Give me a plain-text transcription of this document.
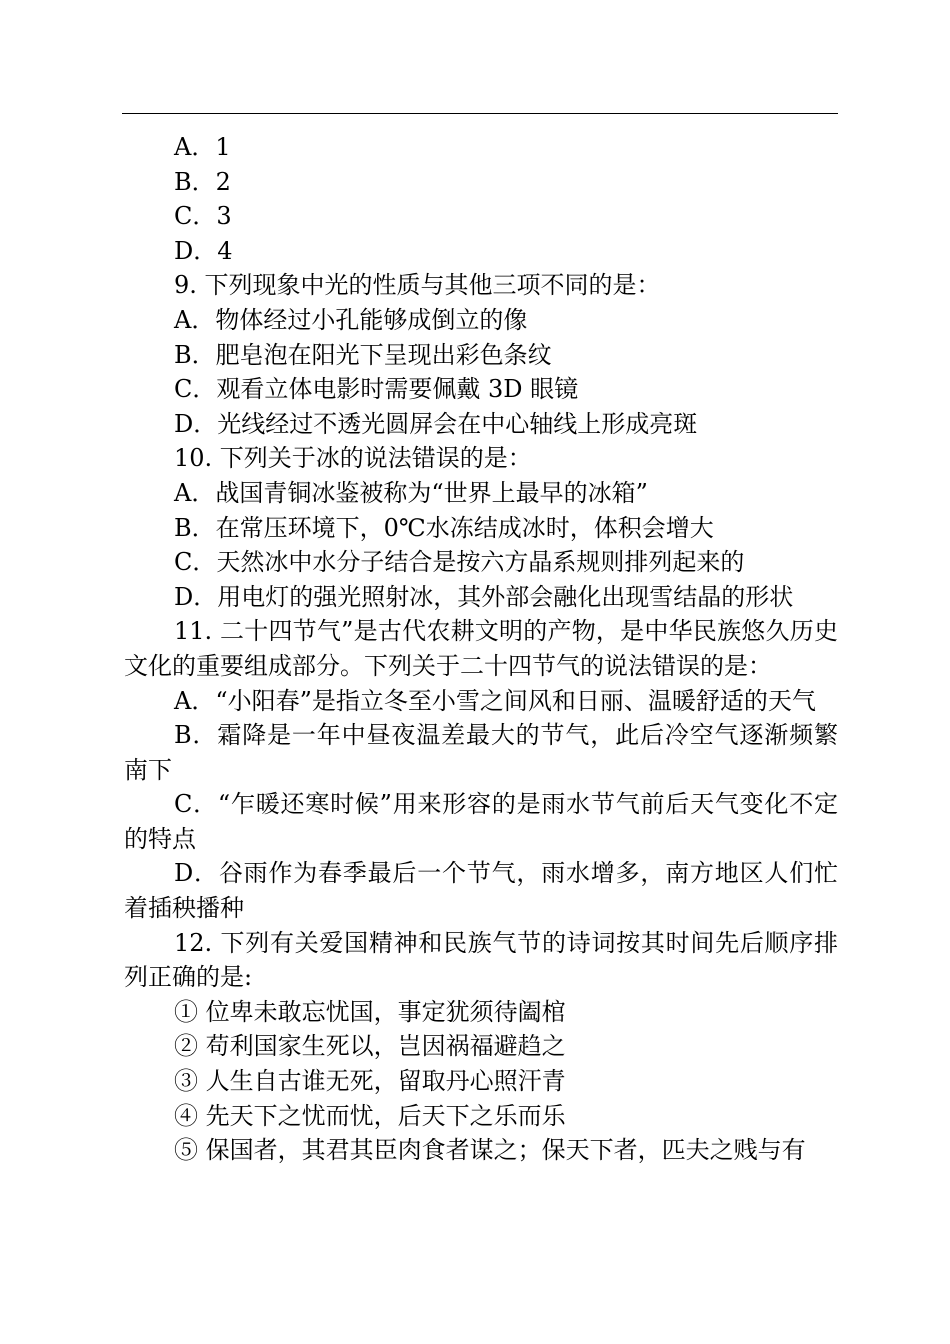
A．1

B．2

C．3

D．4

9. 下列现象中光的性质与其他三项不同的是：

A．物体经过小孔能够成倒立的像

B．肥皂泡在阳光下呈现出彩色条纹

C．观看立体电影时需要佩戴 3D 眼镜

D．光线经过不透光圆屏会在中心轴线上形成亮斑

10. 下列关于冰的说法错误的是：

A．战国青铜冰鉴被称为“世界上最早的冰箱”

B．在常压环境下，0℃水冻结成冰时，体积会增大

C．天然冰中水分子结合是按六方晶系规则排列起来的

D．用电灯的强光照射冰，其外部会融化出现雪结晶的形状

11. 二十四节气”是古代农耕文明的产物，是中华民族悠久历史文化的重要组成部分。下列关于二十四节气的说法错误的是：

A．“小阳春”是指立冬至小雪之间风和日丽、温暖舒适的天气

B．霜降是一年中昼夜温差最大的节气，此后冷空气逐渐频繁南下

C．“乍暖还寒时候”用来形容的是雨水节气前后天气变化不定的特点

D．谷雨作为春季最后一个节气，雨水增多，南方地区人们忙着插秧播种

12. 下列有关爱国精神和民族气节的诗词按其时间先后顺序排列正确的是:

① 位卑未敢忘忧国，事定犹须待阖棺

② 苟利国家生死以，岂因祸福避趋之

③ 人生自古谁无死，留取丹心照汗青

④ 先天下之忧而忧，后天下之乐而乐

⑤ 保国者，其君其臣肉食者谋之；保天下者，匹夫之贱与有
